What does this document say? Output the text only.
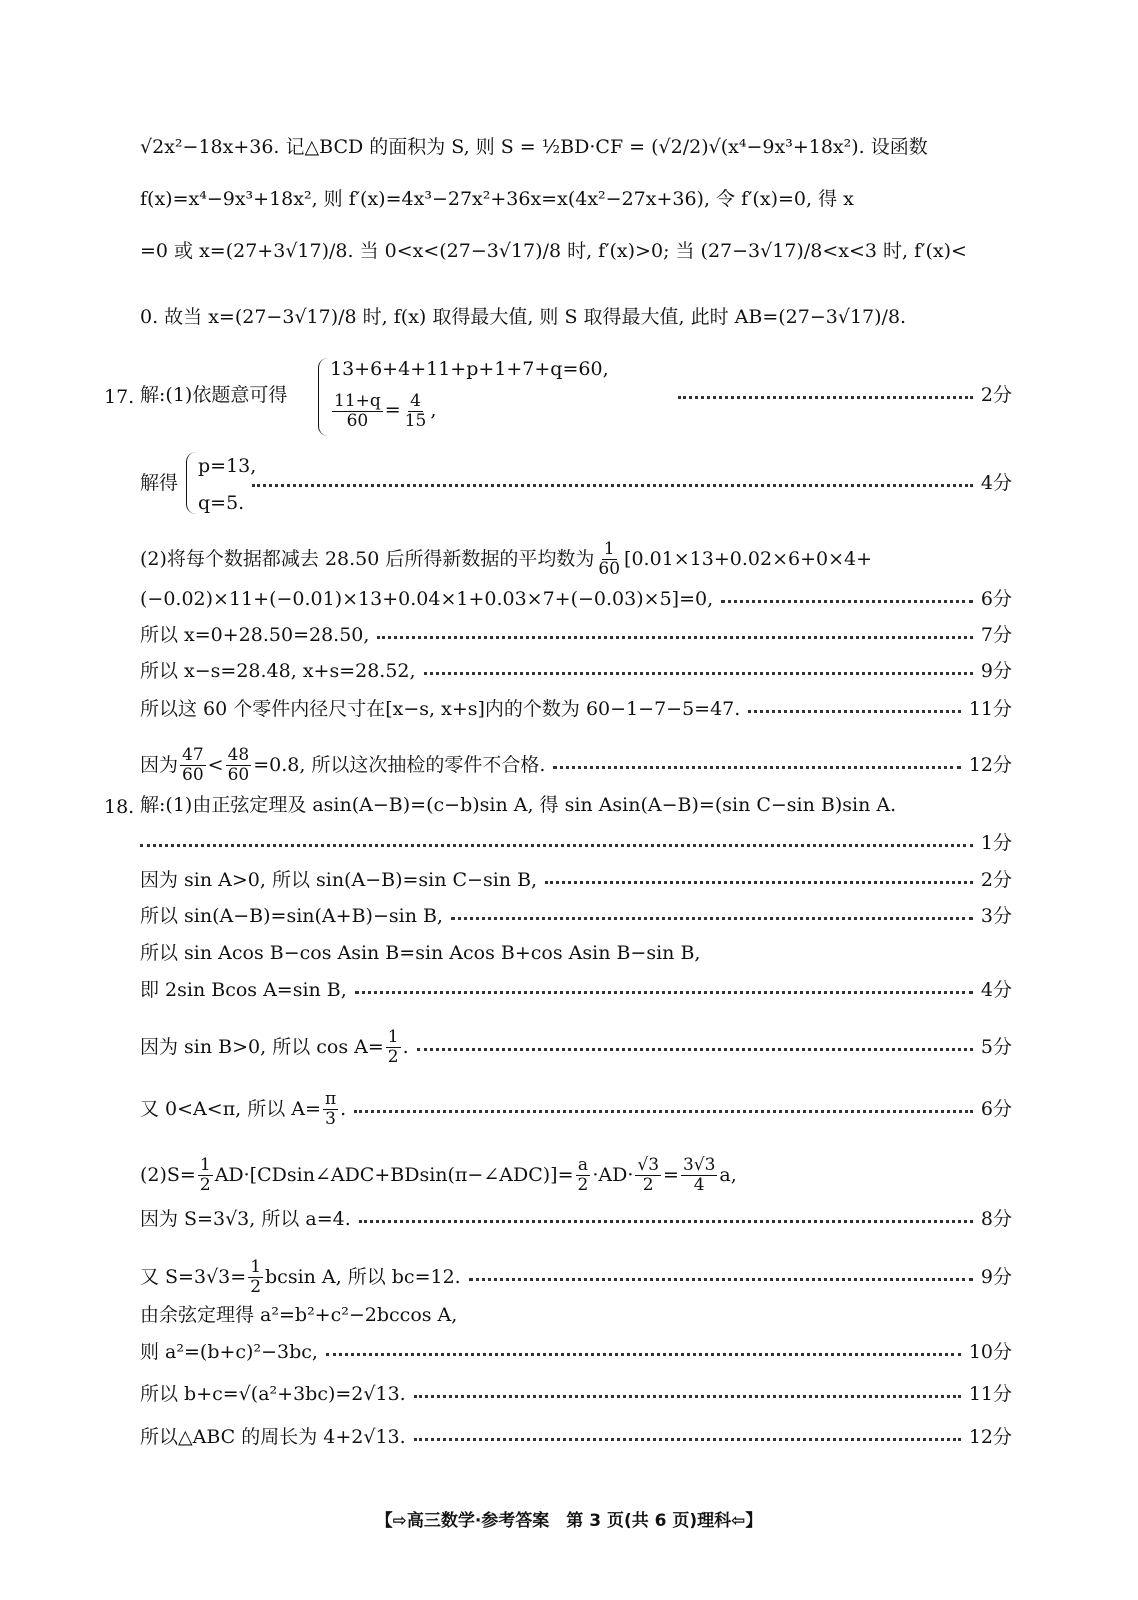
√2x²−18x+36. 记△BCD 的面积为 S, 则 S = ½BD·CF = (√2/2)√(x⁴−9x³+18x²). 设函数
f(x)=x⁴−9x³+18x², 则 f′(x)=4x³−27x²+36x=x(4x²−27x+36), 令 f′(x)=0, 得 x
=0 或 x=(27+3√17)/8. 当 0<x<(27−3√17)/8 时, f′(x)>0; 当 (27−3√17)/8<x<3 时, f′(x)<
0. 故当 x=(27−3√17)/8 时, f(x) 取得最大值, 则 S 取得最大值, 此时 AB=(27−3√17)/8.
17. 解:(1)依题意可得
13+6+4+11+p+1+7+q=60,
$\frac{11+q}{60} = \frac{4}{15}$ ,
2分
解得	4分
p=13,
q=5.
(2)将每个数据都减去 28.50 后所得新数据的平均数为 $\frac{1}{60} [0.01\times 13+0.02\times 6+0\times 4+$
(−0.02)×11+(−0.01)×13+0.04×1+0.03×7+(−0.03)×5]=0,	6分
所以 x=0+28.50=28.50,	7分
所以 x−s=28.48, x+s=28.52,	9分
所以这 60 个零件内径尺寸在[x−s, x+s]内的个数为 60−1−7−5=47.	11分
因为 $\frac{47}{60} < \frac{48}{60} =0.8$, 所以这次抽检的零件不合格.	12分
18. 解:(1)由正弦定理及 asin(A−B)=(c−b)sin A, 得 sin Asin(A−B)=(sin C−sin B)sin A.
1分
因为 sin A>0, 所以 sin(A−B)=sin C−sin B,	2分
所以 sin(A−B)=sin(A+B)−sin B,	3分
所以 sin Acos B−cos Asin B=sin Acos B+cos Asin B−sin B,
即 2sin Bcos A=sin B,	4分
因为 sin B>0, 所以 $\cos A= \frac{1}{2}$ .	5分
又 0<A<π, 所以 $A= \frac{\pi}{3}$ .	6分
$(2)S= \frac{1}{2}$ AD·[CDsin∠ADC+BDsin(π−∠ADC)]= $\frac{a}{2} \cdot AD\cdot \frac{√3}{2} = \frac{3√3}{4} a$,
因为 S=3√3, 所以 a=4.	8分
又 $S=3√3= \frac{1}{2}$ bcsin A, 所以 bc=12.	9分
由余弦定理得 a²=b²+c²−2bccos A,
则 a²=(b+c)²−3bc,	10分
所以 b+c=√(a²+3bc)=2√13.	11分
所以△ABC 的周长为 4+2√13.	12分
【⇨高三数学·参考答案　第 3 页(共 6 页)理科⇦】
